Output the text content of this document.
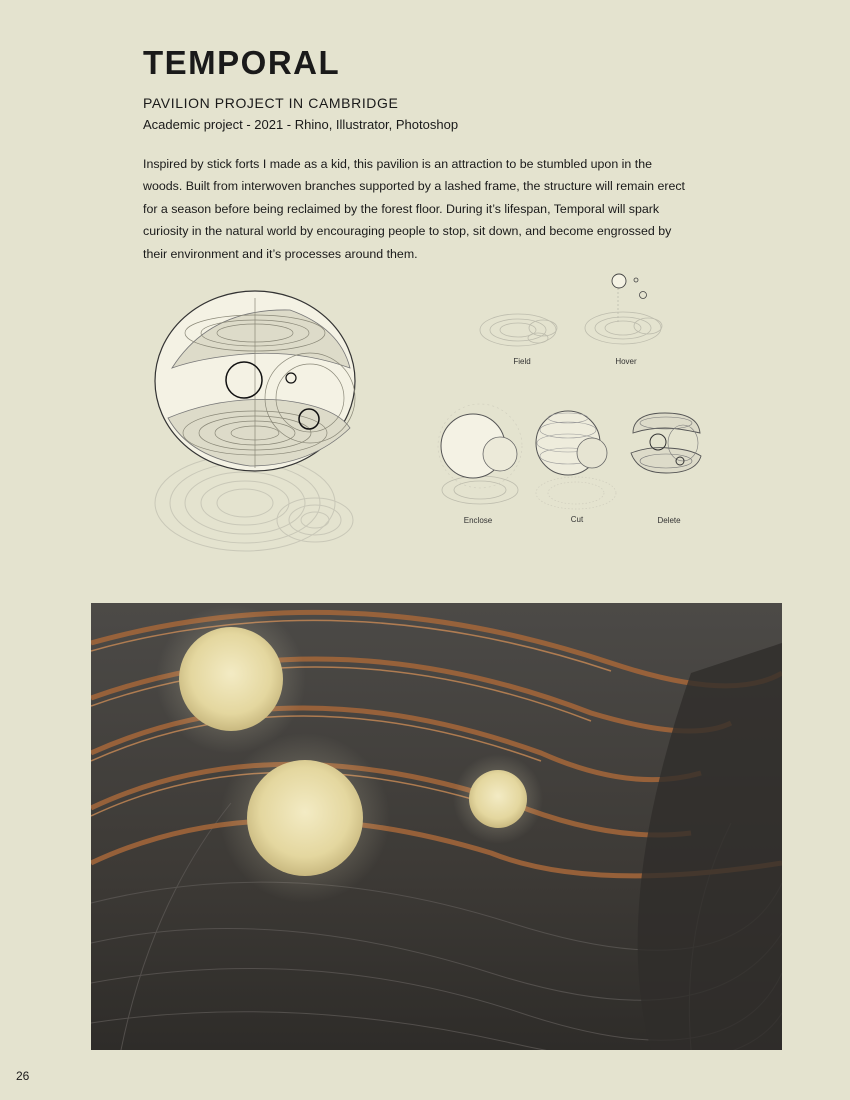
TEMPORAL

PAVILION PROJECT IN CAMBRIDGE

Academic project - 2021 - Rhino, Illustrator, Photoshop

Inspired by stick forts I made as a kid, this pavilion is an attraction to be stumbled upon in the woods. Built from interwoven branches supported by a lashed frame, the structure will remain erect for a season before being reclaimed by the forest floor. During it’s lifespan, Temporal will spark curiosity in the natural world by encouraging people to stop, sit down, and become engrossed by their environment and it’s processes around them.

Field	Hover
Enclose	Cut	Delete
26
